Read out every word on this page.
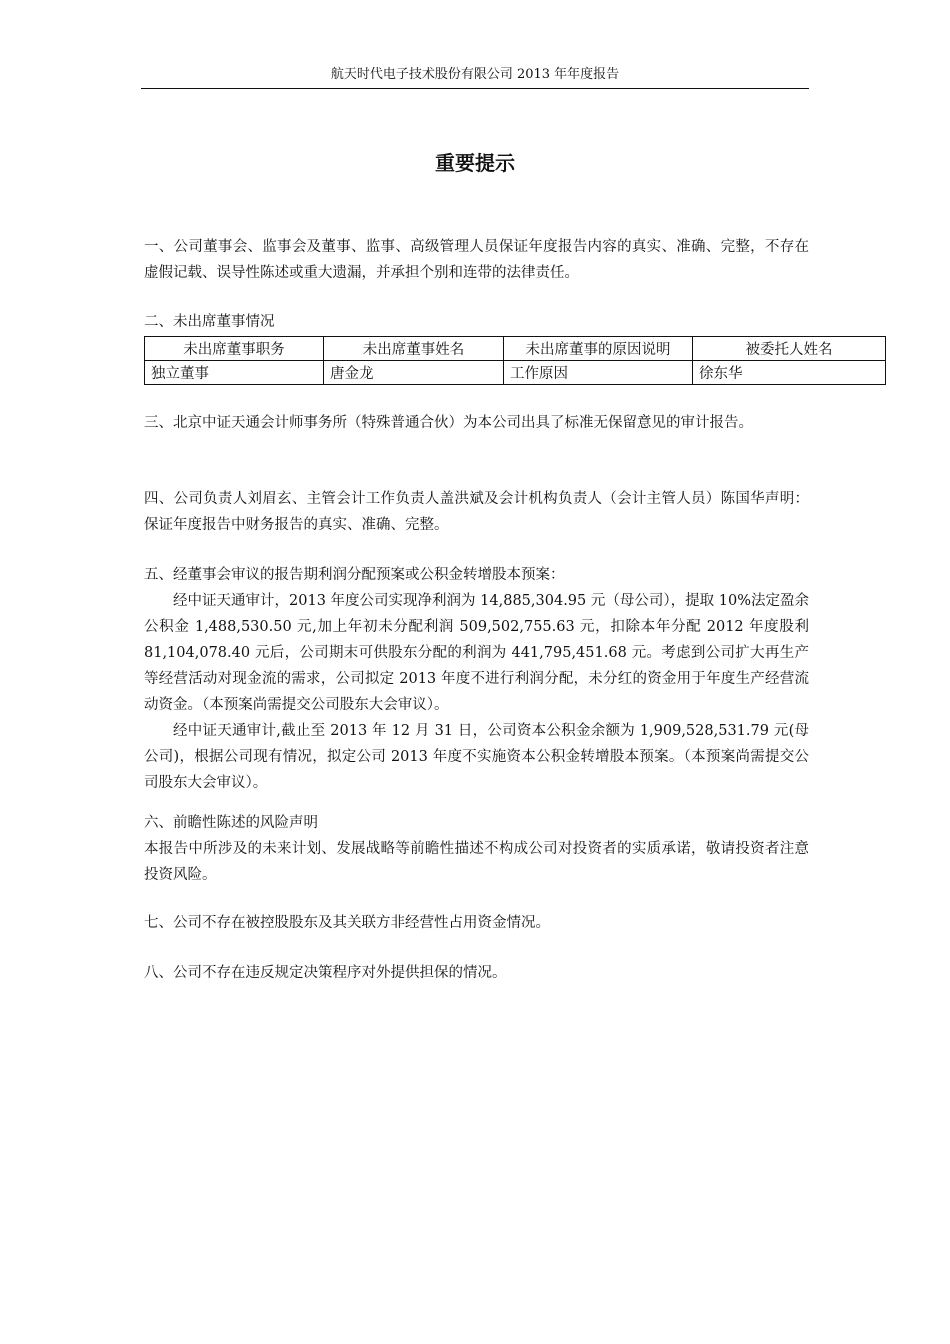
航天时代电子技术股份有限公司 2013 年年度报告
重要提示

一、公司董事会、监事会及董事、监事、高级管理人员保证年度报告内容的真实、准确、完整，不存在虚假记载、误导性陈述或重大遗漏，并承担个别和连带的法律责任。

二、未出席董事情况

未出席董事职务	未出席董事姓名	未出席董事的原因说明	被委托人姓名
独立董事	唐金龙	工作原因	徐东华

三、北京中证天通会计师事务所（特殊普通合伙）为本公司出具了标准无保留意见的审计报告。

四、公司负责人刘眉玄、主管会计工作负责人盖洪斌及会计机构负责人（会计主管人员）陈国华声明：保证年度报告中财务报告的真实、准确、完整。

五、经董事会审议的报告期利润分配预案或公积金转增股本预案：

经中证天通审计，2013 年度公司实现净利润为 14,885,304.95 元（母公司），提取 10%法定盈余公积金 1,488,530.50 元,加上年初未分配利润 509,502,755.63 元，扣除本年分配 2012 年度股利 81,104,078.40 元后，公司期末可供股东分配的利润为 441,795,451.68 元。考虑到公司扩大再生产等经营活动对现金流的需求，公司拟定 2013 年度不进行利润分配，未分红的资金用于年度生产经营流动资金。（本预案尚需提交公司股东大会审议）。

经中证天通审计,截止至 2013 年 12 月 31 日，公司资本公积金余额为 1,909,528,531.79 元(母公司)，根据公司现有情况，拟定公司 2013 年度不实施资本公积金转增股本预案。（本预案尚需提交公司股东大会审议）。

六、前瞻性陈述的风险声明

本报告中所涉及的未来计划、发展战略等前瞻性描述不构成公司对投资者的实质承诺，敬请投资者注意投资风险。

七、公司不存在被控股股东及其关联方非经营性占用资金情况。

八、公司不存在违反规定决策程序对外提供担保的情况。
